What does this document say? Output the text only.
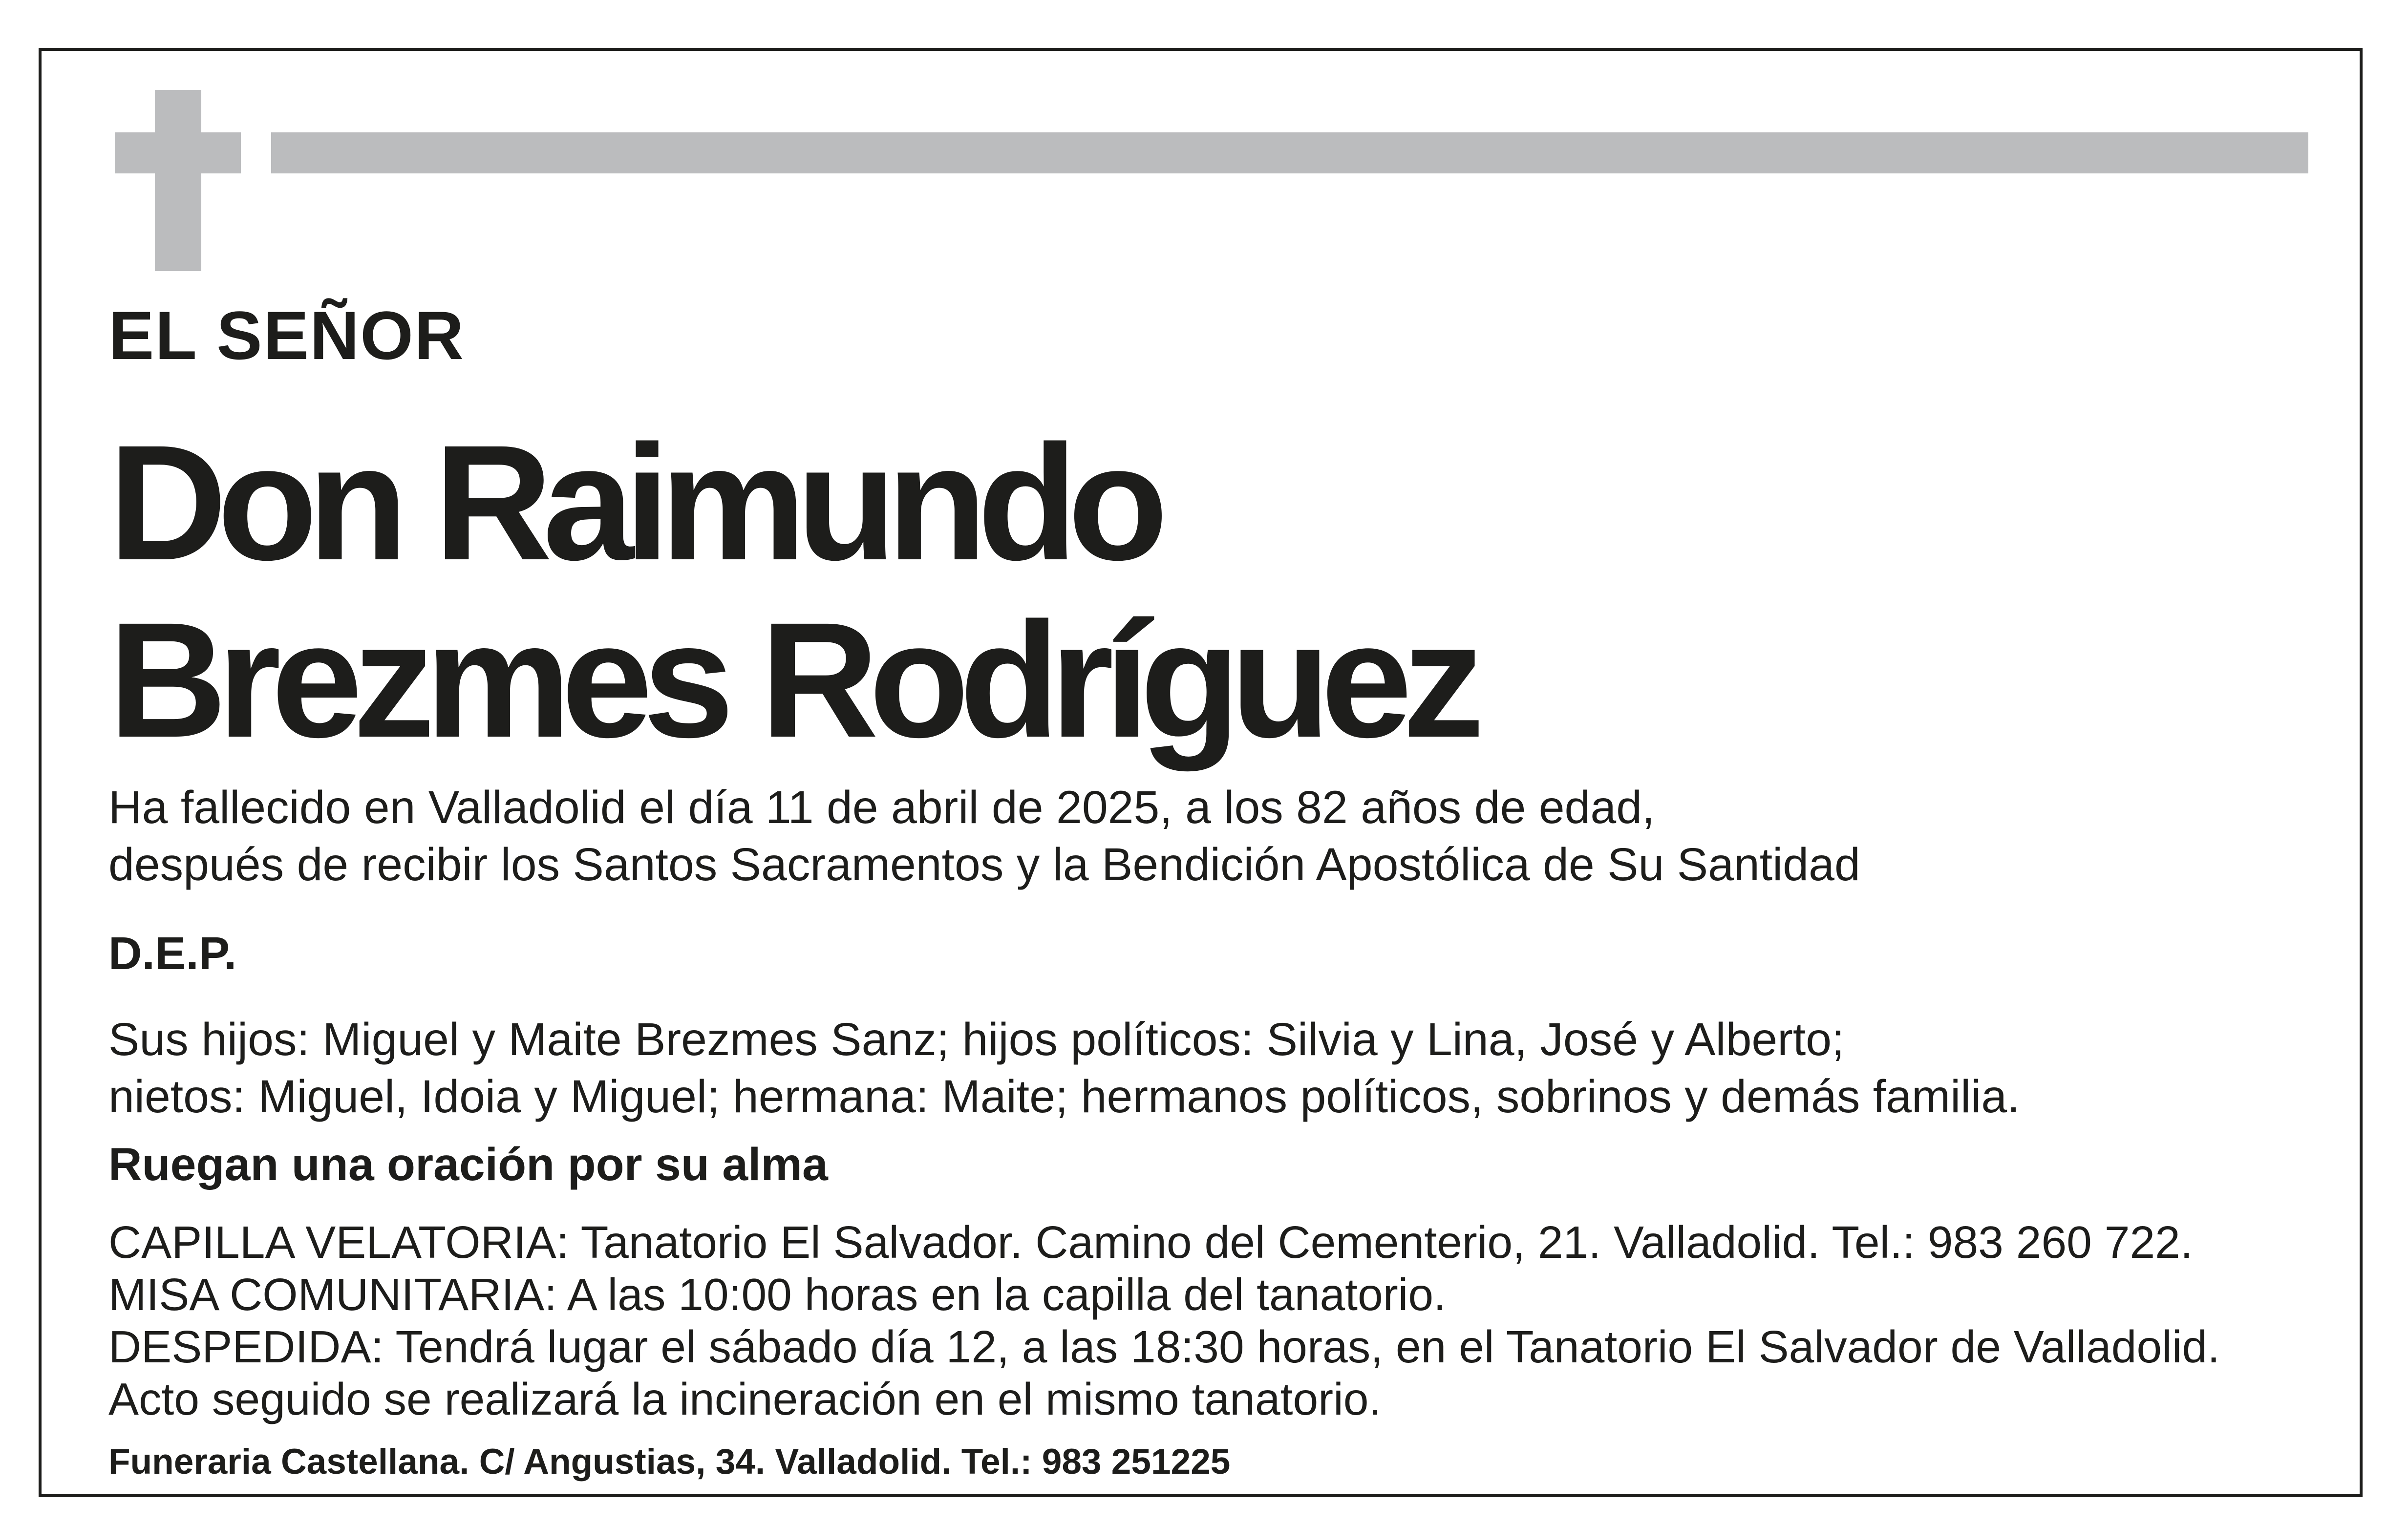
EL SEÑOR
Don Raimundo
Brezmes Rodríguez
Ha fallecido en Valladolid el día 11 de abril de 2025, a los 82 años de edad,
después de recibir los Santos Sacramentos y la Bendición Apostólica de Su Santidad
D.E.P.
Sus hijos: Miguel y Maite Brezmes Sanz; hijos políticos: Silvia y Lina, José y Alberto;
nietos: Miguel, Idoia y Miguel; hermana: Maite; hermanos políticos, sobrinos y demás familia.
Ruegan una oración por su alma
CAPILLA VELATORIA: Tanatorio El Salvador. Camino del Cementerio, 21. Valladolid. Tel.: 983 260 722.
MISA COMUNITARIA: A las 10:00 horas en la capilla del tanatorio.
DESPEDIDA: Tendrá lugar el sábado día 12, a las 18:30 horas, en el Tanatorio El Salvador de Valladolid.
Acto seguido se realizará la incineración en el mismo tanatorio.
Funeraria Castellana. C/ Angustias, 34. Valladolid. Tel.: 983 251225
